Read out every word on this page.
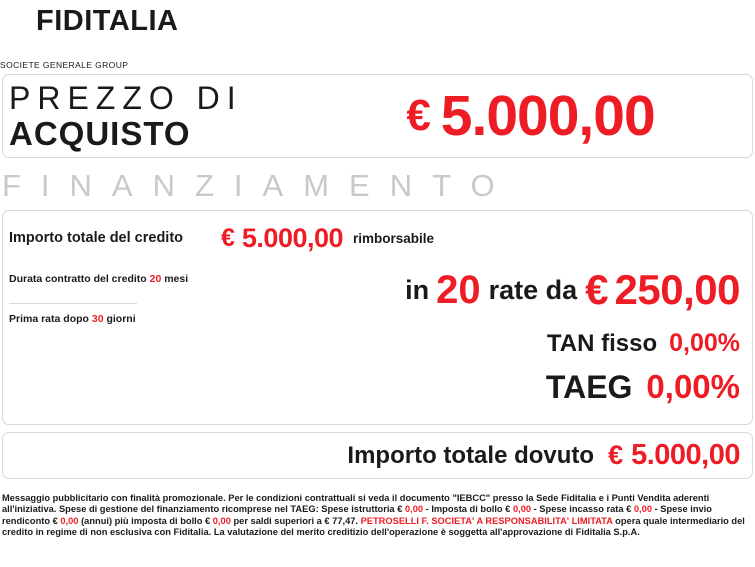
FIDITALIA
SOCIETE GENERALE GROUP
PREZZO DI
ACQUISTO	€ 5.000,00
FINANZIAMENTO
Importo totale del credito	€ 5.000,00 rimborsabile
Durata contratto del credito 20 mesi
Prima rata dopo 30 giorni
in 20 rate da € 250,00
TAN fisso 0,00%
TAEG 0,00%
Importo totale dovuto € 5.000,00
Messaggio pubblicitario con finalità promozionale. Per le condizioni contrattuali si veda il documento "IEBCC" presso la Sede Fiditalia e i Punti Vendita aderenti all'iniziativa. Spese di gestione del finanziamento ricomprese nel TAEG: Spese istruttoria € 0,00 - Imposta di bollo € 0,00 - Spese incasso rata € 0,00 - Spese invio rendiconto € 0,00 (annui) più imposta di bollo € 0,00 per saldi superiori a € 77,47. PETROSELLI F. SOCIETA' A RESPONSABILITA' LIMITATA opera quale intermediario del credito in regime di non esclusiva con Fiditalia. La valutazione del merito creditizio dell'operazione è soggetta all'approvazione di Fiditalia S.p.A.
